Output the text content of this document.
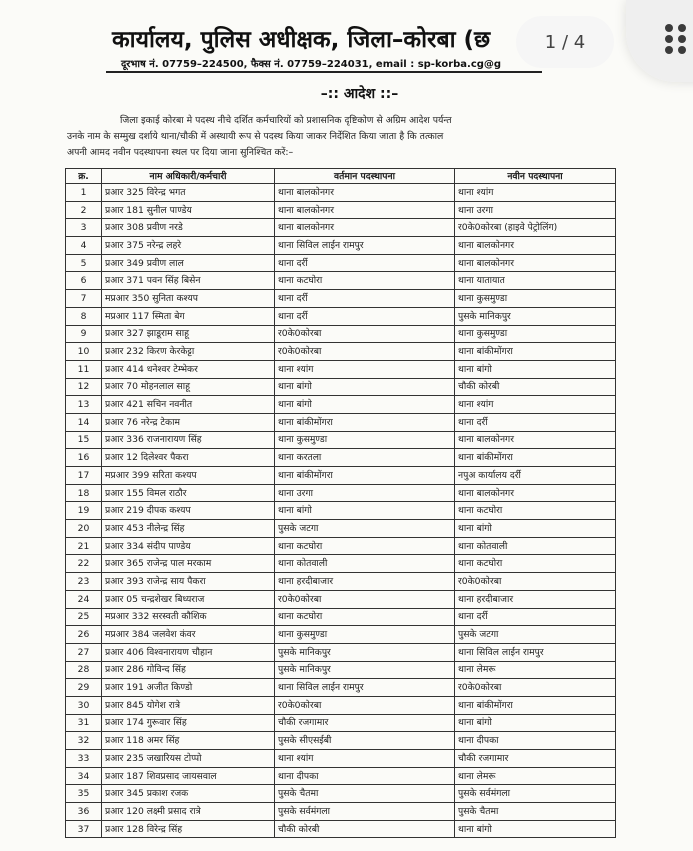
कार्यालय, पुलिस अधीक्षक, जिला–कोरबा (छ
दूरभाष नं. 07759–224500, फैक्स नं. 07759–224031, email : sp-korba.cg@g
–:: आदेश ::–
जिला इकाई कोरबा मे पदस्थ नीचे दर्शित कर्मचारियों को प्रशासनिक दृष्टिकोण से अग्रिम आदेश पर्यन्त
उनके नाम के सम्मुख दर्शाये थाना/चौकी में अस्थायी रूप से पदस्थ किया जाकर निर्देशित किया जाता है कि तत्काल
अपनी आमद नवीन पदस्थापना स्थल पर दिया जाना सुनिश्चित करें:–
क्र.	नाम अधिकारी/कर्मचारी	वर्तमान पदस्थापना	नवीन पदस्थापना
1	प्रआर 325 विरेन्द्र भगत	थाना बालकोनगर	थाना श्यांग
2	प्रआर 181 सुनील पाण्डेय	थाना बालकोनगर	थाना उरगा
3	प्रआर 308 प्रवीण नरडे	थाना बालकोनगर	र0के0कोरबा (हाइवे पेट्रोलिंग)
4	प्रआर 375 नरेन्द्र लहरे	थाना सिविल लाईन रामपुर	थाना बालकोनगर
5	प्रआर 349 प्रवीण लाल	थाना दर्री	थाना बालकोनगर
6	प्रआर 371 पवन सिंह बिसेन	थाना कटघोरा	थाना यातायात
7	मप्रआर 350 सुनिता कश्यप	थाना दर्री	थाना कुसमुण्डा
8	मप्रआर 117 स्मिता बेग	थाना दर्री	पुसके मानिकपुर
9	प्रआर 327 झाडूराम साहू	र0के0कोरबा	थाना कुसमुण्डा
10	प्रआर 232 किरण केरकेट्टा	र0के0कोरबा	थाना बांकीमोंगरा
11	प्रआर 414 धनेश्वर टेम्भेकर	थाना श्यांग	थाना बांगो
12	प्रआर 70 मोहनलाल साहू	थाना बांगो	चौकी कोरबी
13	प्रआर 421 सचिन नवनीत	थाना बांगो	थाना श्यांग
14	प्रआर 76 नरेन्द्र टेकाम	थाना बांकीमोंगरा	थाना दर्री
15	प्रआर 336 राजनारायण सिंह	थाना कुसमुण्डा	थाना बालकोनगर
16	प्रआर 12 दिलेश्वर पैकरा	थाना करतला	थाना बांकीमोंगरा
17	मप्रआर 399 सरिता कश्यप	थाना बांकीमोंगरा	नपुअ कार्यालय दर्री
18	प्रआर 155 विमल राठौर	थाना उरगा	थाना बालकोनगर
19	प्रआर 219 दीपक कश्यप	थाना बांगो	थाना कटघोरा
20	प्रआर 453 नीलेन्द्र सिंह	पुसके जटगा	थाना बांगो
21	प्रआर 334 संदीप पाण्डेय	थाना कटघोरा	थाना कोतवाली
22	प्रआर 365 राजेन्द्र पाल मरकाम	थाना कोतवाली	थाना कटघोरा
23	प्रआर 393 राजेन्द्र साय पैकरा	थाना हरदीबाजार	र0के0कोरबा
24	प्रआर 05 चन्द्रशेखर बिध्यराज	र0के0कोरबा	थाना हरदीबाजार
25	मप्रआर 332 सरस्वती कौशिक	थाना कटघोरा	थाना दर्री
26	मप्रआर 384 जलवेश कंवर	थाना कुसमुण्डा	पुसके जटगा
27	प्रआर 406 विश्वनारायण चौहान	पुसके मानिकपुर	थाना सिविल लाईन रामपुर
28	प्रआर 286 गोविन्द सिंह	पुसके मानिकपुर	थाना लेमरू
29	प्रआर 191 अजीत किण्डो	थाना सिविल लाईन रामपुर	र0के0कोरबा
30	प्रआर 845 योगेश रात्रे	र0के0कोरबा	थाना बांकीमोंगरा
31	प्रआर 174 गुरूवार सिंह	चौकी रजगामार	थाना बांगो
32	प्रआर 118 अमर सिंह	पुसके सीएसईबी	थाना दीपका
33	प्रआर 235 जखारियस टोप्पो	थाना श्यांग	चौकी रजगामार
34	प्रआर 187 शिवप्रसाद जायसवाल	थाना दीपका	थाना लेमरू
35	प्रआर 345 प्रकाश रजक	पुसके चैतमा	पुसके सर्वमंगला
36	प्रआर 120 लक्ष्मी प्रसाद रात्रे	पुसके सर्वमंगला	पुसके चैतमा
37	प्रआर 128 विरेन्द्र सिंह	चौकी कोरबी	थाना बांगो
1 / 4
